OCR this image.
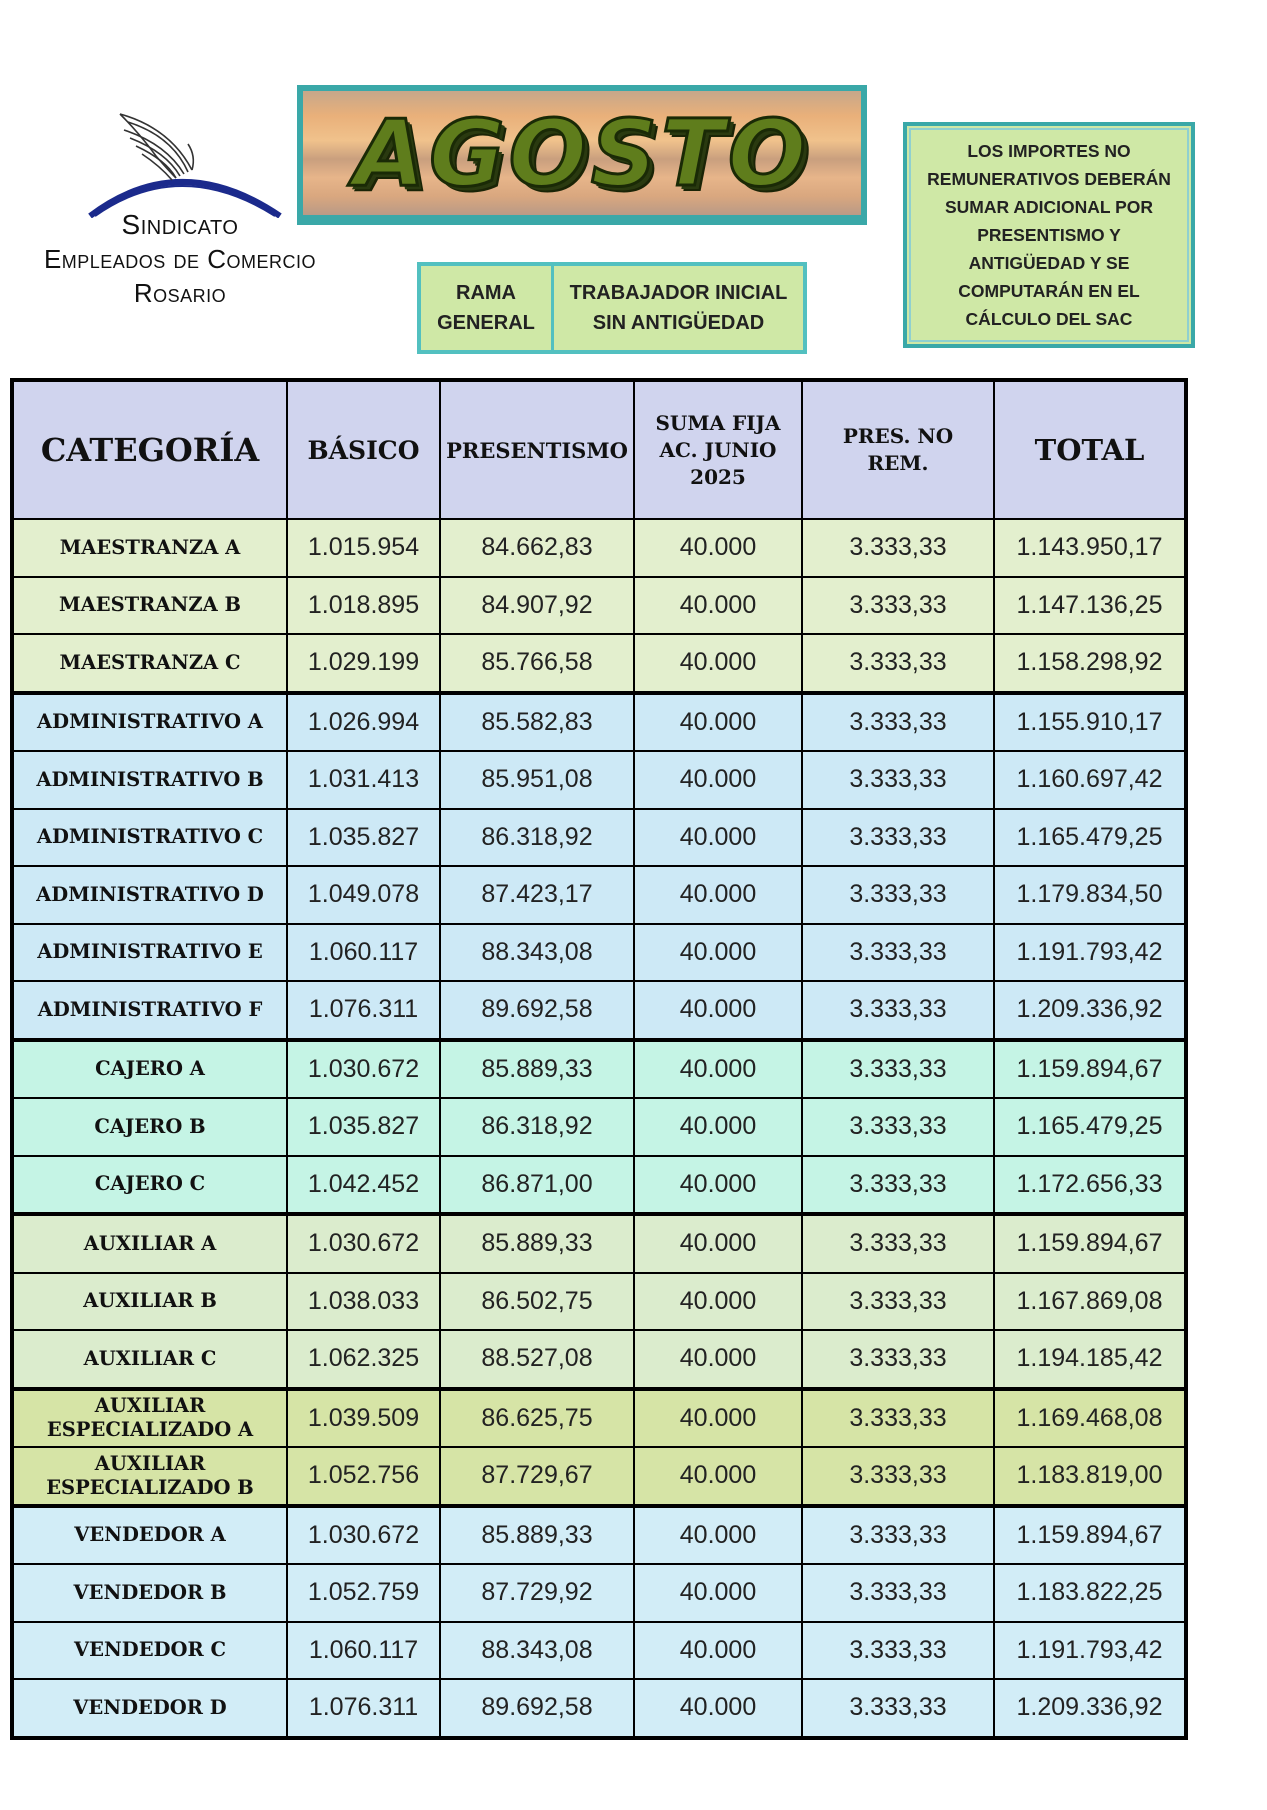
Sindicato
Empleados de Comercio
Rosario
AGOSTO	LOS IMPORTES NO REMUNERATIVOS DEBERÁN SUMAR ADICIONAL POR PRESENTISMO Y ANTIGÜEDAD Y SE COMPUTARÁN EN EL CÁLCULO DEL SAC
RAMA GENERAL
TRABAJADOR INICIAL SIN ANTIGÜEDAD
CATEGORÍA	BÁSICO	PRESENTISMO	SUMA FIJA AC. JUNIO 2025	PRES. NO REM.	TOTAL
MAESTRANZA A	1.015.954	84.662,83	40.000	3.333,33	1.143.950,17
MAESTRANZA B	1.018.895	84.907,92	40.000	3.333,33	1.147.136,25
MAESTRANZA C	1.029.199	85.766,58	40.000	3.333,33	1.158.298,92
ADMINISTRATIVO A	1.026.994	85.582,83	40.000	3.333,33	1.155.910,17
ADMINISTRATIVO B	1.031.413	85.951,08	40.000	3.333,33	1.160.697,42
ADMINISTRATIVO C	1.035.827	86.318,92	40.000	3.333,33	1.165.479,25
ADMINISTRATIVO D	1.049.078	87.423,17	40.000	3.333,33	1.179.834,50
ADMINISTRATIVO E	1.060.117	88.343,08	40.000	3.333,33	1.191.793,42
ADMINISTRATIVO F	1.076.311	89.692,58	40.000	3.333,33	1.209.336,92
CAJERO A	1.030.672	85.889,33	40.000	3.333,33	1.159.894,67
CAJERO B	1.035.827	86.318,92	40.000	3.333,33	1.165.479,25
CAJERO C	1.042.452	86.871,00	40.000	3.333,33	1.172.656,33
AUXILIAR A	1.030.672	85.889,33	40.000	3.333,33	1.159.894,67
AUXILIAR B	1.038.033	86.502,75	40.000	3.333,33	1.167.869,08
AUXILIAR C	1.062.325	88.527,08	40.000	3.333,33	1.194.185,42
AUXILIAR ESPECIALIZADO A	1.039.509	86.625,75	40.000	3.333,33	1.169.468,08
AUXILIAR ESPECIALIZADO B	1.052.756	87.729,67	40.000	3.333,33	1.183.819,00
VENDEDOR A	1.030.672	85.889,33	40.000	3.333,33	1.159.894,67
VENDEDOR B	1.052.759	87.729,92	40.000	3.333,33	1.183.822,25
VENDEDOR C	1.060.117	88.343,08	40.000	3.333,33	1.191.793,42
VENDEDOR D	1.076.311	89.692,58	40.000	3.333,33	1.209.336,92
